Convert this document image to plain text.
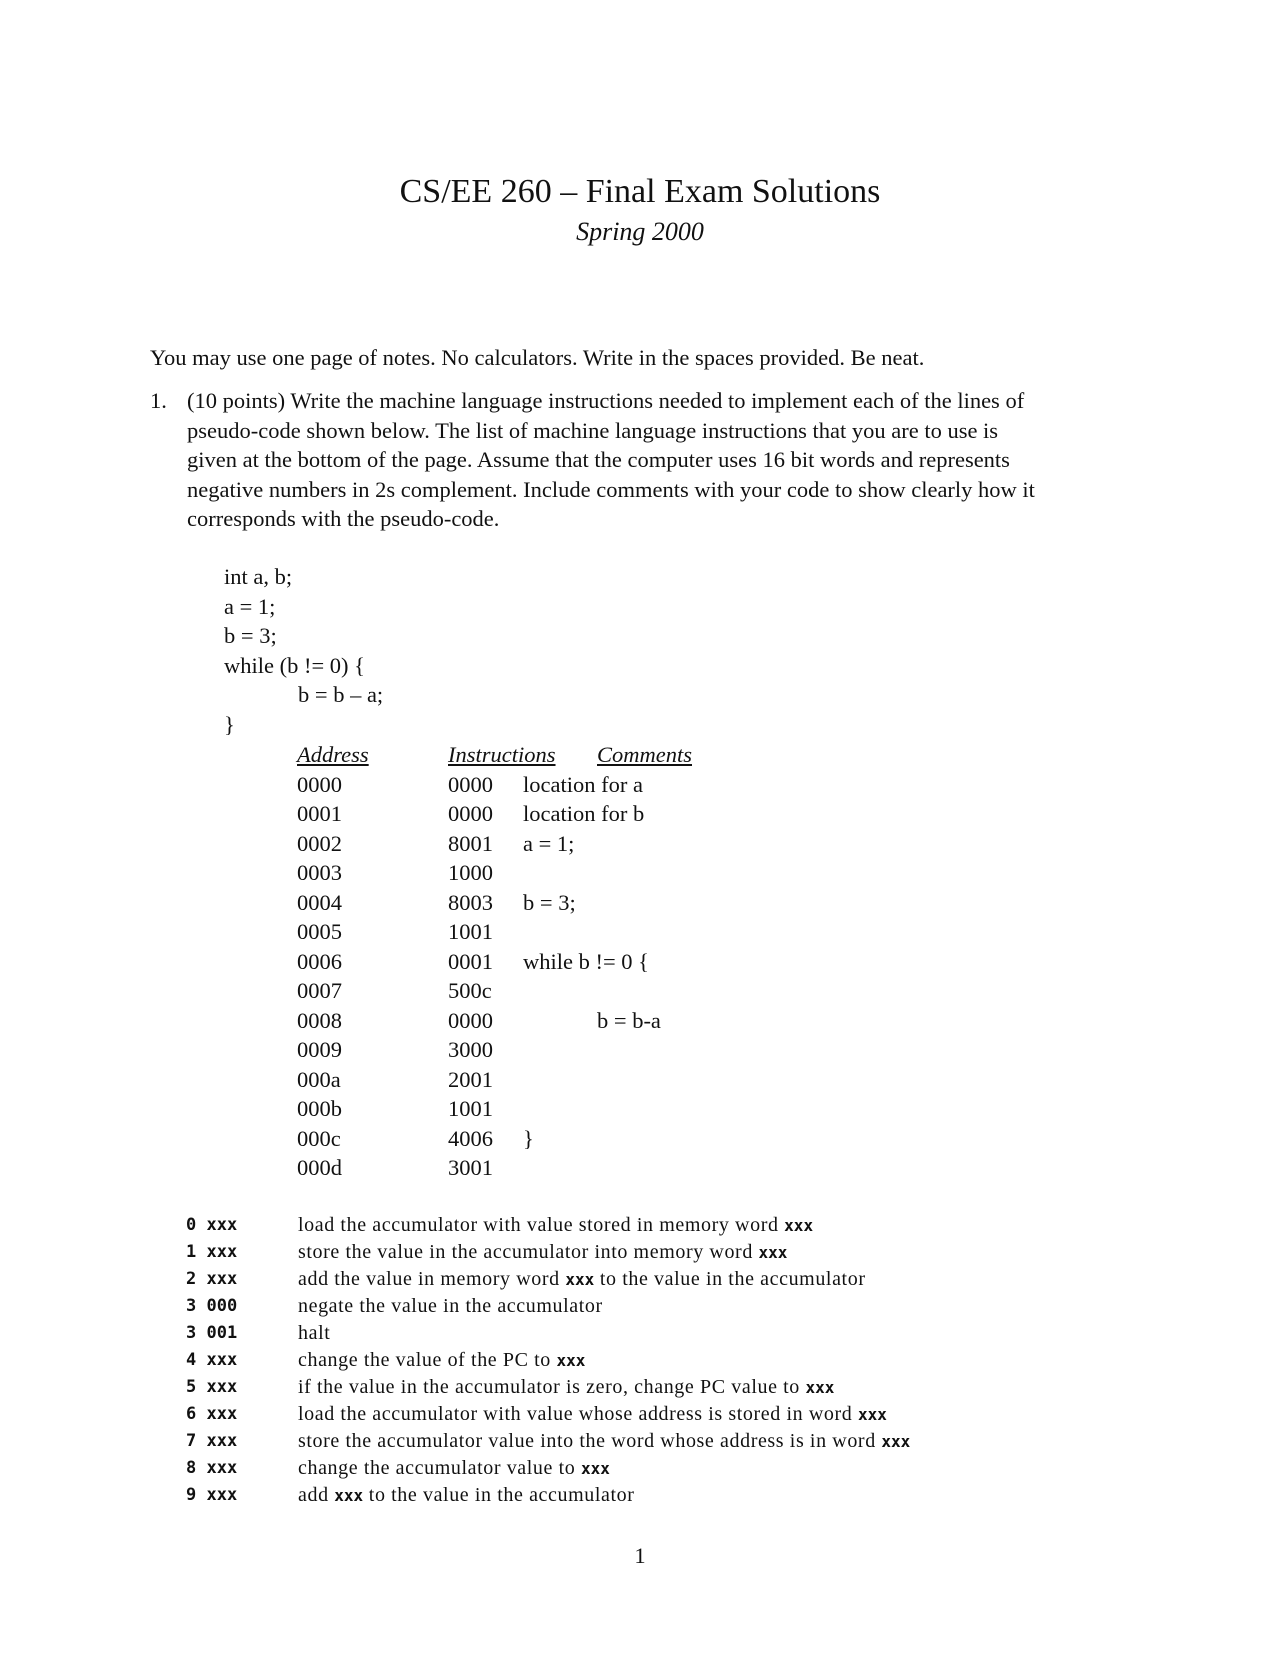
CS/EE 260 – Final Exam Solutions
Spring 2000
You may use one page of notes. No calculators. Write in the spaces provided. Be neat.
1. (10 points) Write the machine language instructions needed to implement each of the lines of
pseudo-code shown below. The list of machine language instructions that you are to use is
given at the bottom of the page. Assume that the computer uses 16 bit words and represents
negative numbers in 2s complement. Include comments with your code to show clearly how it
corresponds with the pseudo-code.
int a, b;
a = 1;
b = 3;
while (b != 0) {
b = b – a;
}
Address
0000
0001
0002
0003
0004
0005
0006
0007
0008
0009
000a
000b
000c
000d
Instructions
0000
0000
8001
1000
8003
1001
0001
500c
0000
3000
2001
1001
4006
3001
Comments
location for a
location for b
a = 1;
b = 3;
while b != 0 {
b = b-a
}
0 xxx
1 xxx
2 xxx
3 000
3 001
4 xxx
5 xxx
6 xxx
7 xxx
8 xxx
9 xxx
load the accumulator with value stored in memory word xxx
store the value in the accumulator into memory word xxx
add the value in memory word xxx to the value in the accumulator
negate the value in the accumulator
halt
change the value of the PC to xxx
if the value in the accumulator is zero, change PC value to xxx
load the accumulator with value whose address is stored in word xxx
store the accumulator value into the word whose address is in word xxx
change the accumulator value to xxx
add xxx to the value in the accumulator
1
